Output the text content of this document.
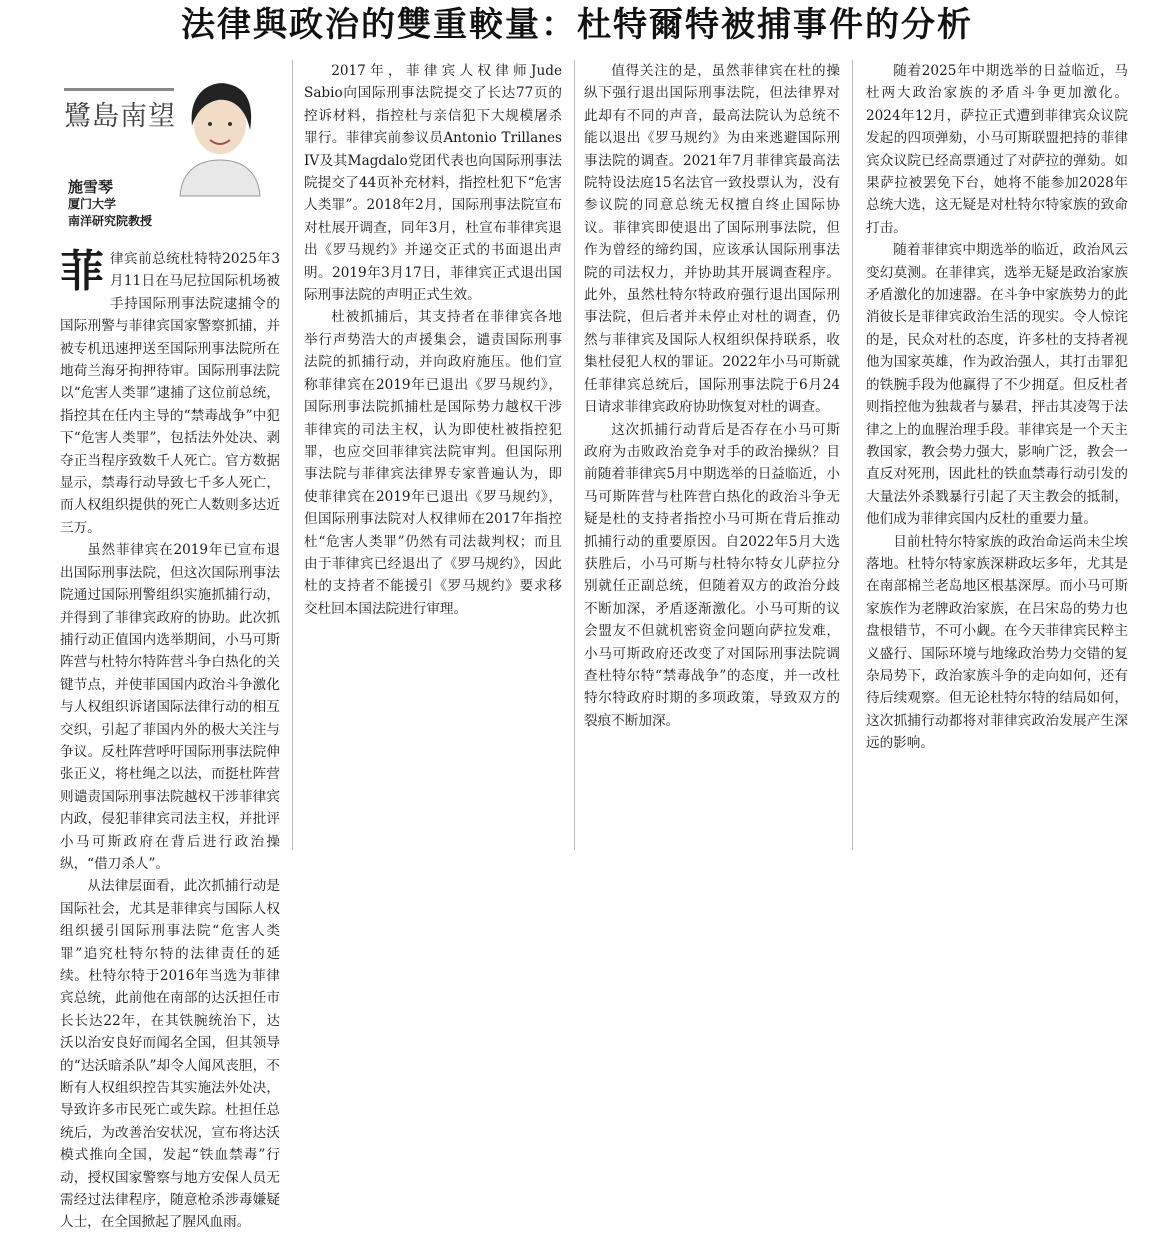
法律與政治的雙重較量：杜特爾特被捕事件的分析

菲律宾前总统杜特特2025年3月11日在马尼拉国际机场被手持国际刑事法院逮捕令的国际刑警与菲律宾国家警察抓捕，并被专机迅速押送至国际刑事法院所在地荷兰海牙拘押待审。国际刑事法院以“危害人类罪”逮捕了这位前总统，指控其在任内主导的“禁毒战争”中犯下“危害人类罪”，包括法外处决、剥夺正当程序致数千人死亡。官方数据显示，禁毒行动导致七千多人死亡，而人权组织提供的死亡人数则多达近三万。

虽然菲律宾在2019年已宣布退出国际刑事法院，但这次国际刑事法院通过国际刑警组织实施抓捕行动，并得到了菲律宾政府的协助。此次抓捕行动正值国内选举期间，小马可斯阵营与杜特尔特阵营斗争白热化的关键节点，并使菲国国内政治斗争激化与人权组织诉诸国际法律行动的相互交织，引起了菲国内外的极大关注与争议。反杜阵营呼吁国际刑事法院伸张正义，将杜绳之以法，而挺杜阵营则谴责国际刑事法院越权干涉菲律宾内政，侵犯菲律宾司法主权，并批评小马可斯政府在背后进行政治操纵，“借刀杀人”。

从法律层面看，此次抓捕行动是国际社会，尤其是菲律宾与国际人权组织援引国际刑事法院“危害人类罪”追究杜特尔特的法律责任的延续。杜特尔特于2016年当选为菲律宾总统，此前他在南部的达沃担任市长长达22年，在其铁腕统治下，达沃以治安良好而闻名全国，但其领导的“达沃暗杀队”却令人闻风丧胆，不断有人权组织控告其实施法外处决，导致许多市民死亡或失踪。杜担任总统后，为改善治安状况，宣布将达沃模式推向全国，发起“铁血禁毒”行动，授权国家警察与地方安保人员无需经过法律程序，随意枪杀涉毒嫌疑人士，在全国掀起了腥风血雨。

鷺島南望
施雪琴
厦门大学
南洋研究院教授

2017年，菲律宾人权律师Jude Sabio向国际刑事法院提交了长达77页的控诉材料，指控杜与亲信犯下大规模屠杀罪行。菲律宾前参议员Antonio Trillanes IV及其Magdalo党团代表也向国际刑事法院提交了44页补充材料，指控杜犯下“危害人类罪”。2018年2月，国际刑事法院宣布对杜展开调查，同年3月，杜宣布菲律宾退出《罗马规约》并递交正式的书面退出声明。2019年3月17日，菲律宾正式退出国际刑事法院的声明正式生效。

杜被抓捕后，其支持者在菲律宾各地举行声势浩大的声援集会，谴责国际刑事法院的抓捕行动，并向政府施压。他们宣称菲律宾在2019年已退出《罗马规约》，国际刑事法院抓捕杜是国际势力越权干涉菲律宾的司法主权，认为即使杜被指控犯罪，也应交回菲律宾法院审判。但国际刑事法院与菲律宾法律界专家普遍认为，即使菲律宾在2019年已退出《罗马规约》，但国际刑事法院对人权律师在2017年指控杜“危害人类罪”仍然有司法裁判权；而且由于菲律宾已经退出了《罗马规约》，因此杜的支持者不能援引《罗马规约》要求移交杜回本国法院进行审理。

值得关注的是，虽然菲律宾在杜的操纵下强行退出国际刑事法院，但法律界对此却有不同的声音，最高法院认为总统不能以退出《罗马规约》为由来逃避国际刑事法院的调查。2021年7月菲律宾最高法院特设法庭15名法官一致投票认为，没有参议院的同意总统无权擅自终止国际协议。菲律宾即使退出了国际刑事法院，但作为曾经的缔约国，应该承认国际刑事法院的司法权力，并协助其开展调查程序。此外，虽然杜特尔特政府强行退出国际刑事法院，但后者并未停止对杜的调查，仍然与菲律宾及国际人权组织保持联系，收集杜侵犯人权的罪证。2022年小马可斯就任菲律宾总统后，国际刑事法院于6月24日请求菲律宾政府协助恢复对杜的调查。

这次抓捕行动背后是否存在小马可斯政府为击败政治竞争对手的政治操纵？目前随着菲律宾5月中期选举的日益临近，小马可斯阵营与杜阵营白热化的政治斗争无疑是杜的支持者指控小马可斯在背后推动抓捕行动的重要原因。自2022年5月大选获胜后，小马可斯与杜特尔特女儿萨拉分别就任正副总统，但随着双方的政治分歧不断加深，矛盾逐渐激化。小马可斯的议会盟友不但就机密资金问题向萨拉发难，小马可斯政府还改变了对国际刑事法院调查杜特尔特“禁毒战争”的态度，并一改杜特尔特政府时期的多项政策，导致双方的裂痕不断加深。

随着2025年中期选举的日益临近，马杜两大政治家族的矛盾斗争更加激化。2024年12月，萨拉正式遭到菲律宾众议院发起的四项弹劾，小马可斯联盟把持的菲律宾众议院已经高票通过了对萨拉的弹劾。如果萨拉被罢免下台，她将不能参加2028年总统大选，这无疑是对杜特尔特家族的致命打击。

随着菲律宾中期选举的临近，政治风云变幻莫测。在菲律宾，选举无疑是政治家族矛盾激化的加速器。在斗争中家族势力的此消彼长是菲律宾政治生活的现实。令人惊诧的是，民众对杜的态度，许多杜的支持者视他为国家英雄，作为政治强人，其打击罪犯的铁腕手段为他赢得了不少拥趸。但反杜者则指控他为独裁者与暴君，抨击其凌驾于法律之上的血腥治理手段。菲律宾是一个天主教国家，教会势力强大，影响广泛，教会一直反对死刑，因此杜的铁血禁毒行动引发的大量法外杀戮暴行引起了天主教会的抵制，他们成为菲律宾国内反杜的重要力量。

目前杜特尔特家族的政治命运尚未尘埃落地。杜特尔特家族深耕政坛多年，尤其是在南部棉兰老岛地区根基深厚。而小马可斯家族作为老牌政治家族，在吕宋岛的势力也盘根错节，不可小觑。在今天菲律宾民粹主义盛行、国际环境与地缘政治势力交错的复杂局势下，政治家族斗争的走向如何，还有待后续观察。但无论杜特尔特的结局如何，这次抓捕行动都将对菲律宾政治发展产生深远的影响。
